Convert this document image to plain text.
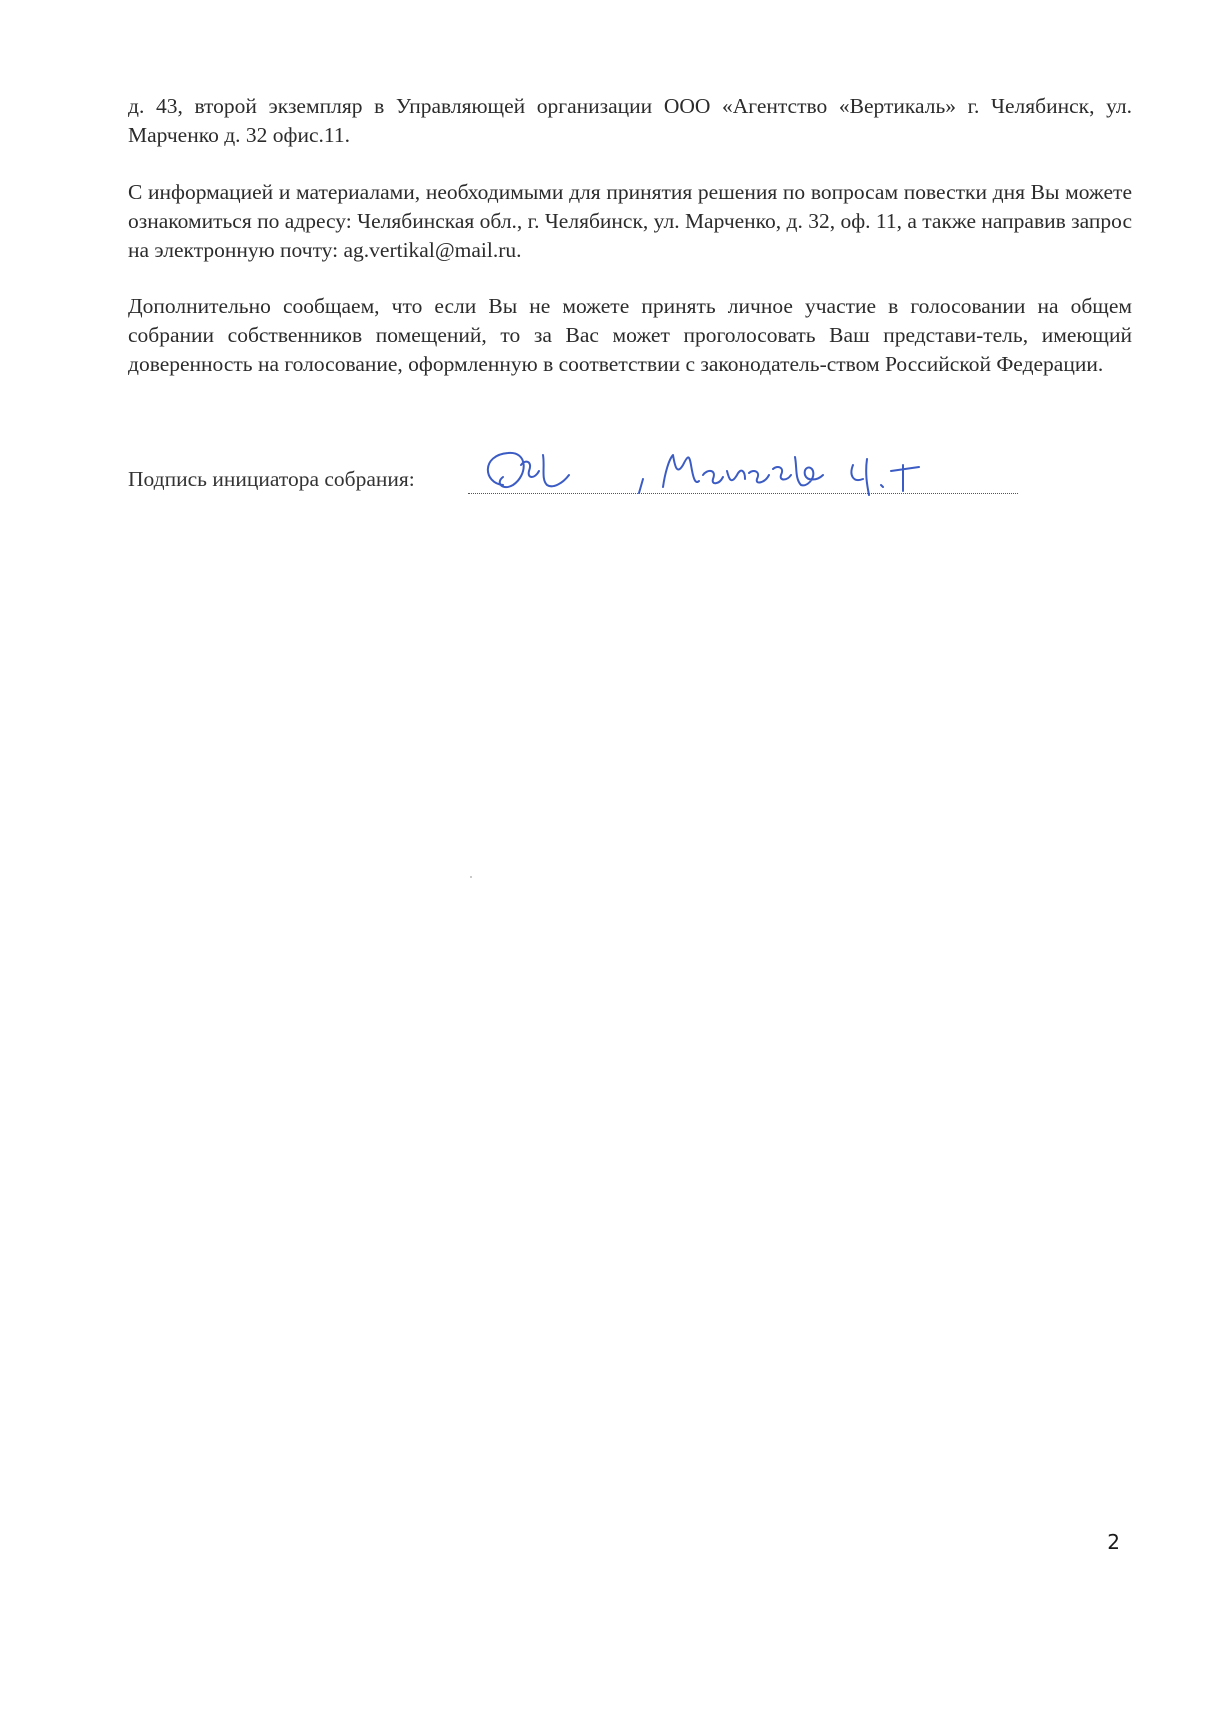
д. 43, второй экземпляр в Управляющей организации ООО «Агентство «Вертикаль» г. Челябинск, ул. Марченко д. 32 офис.11.

С информацией и материалами, необходимыми для принятия решения по вопросам повестки дня Вы можете ознакомиться по адресу: Челябинская обл., г. Челябинск, ул. Марченко, д. 32, оф. 11, а также направив запрос на электронную почту: ag.vertikal@mail.ru.

Дополнительно сообщаем, что если Вы не можете принять личное участие в голосовании на общем собрании собственников помещений, то за Вас может проголосовать Ваш представи-тель, имеющий доверенность на голосование, оформленную в соответствии с законодатель-ством Российской Федерации.

Подпись инициатора собрания:
2
